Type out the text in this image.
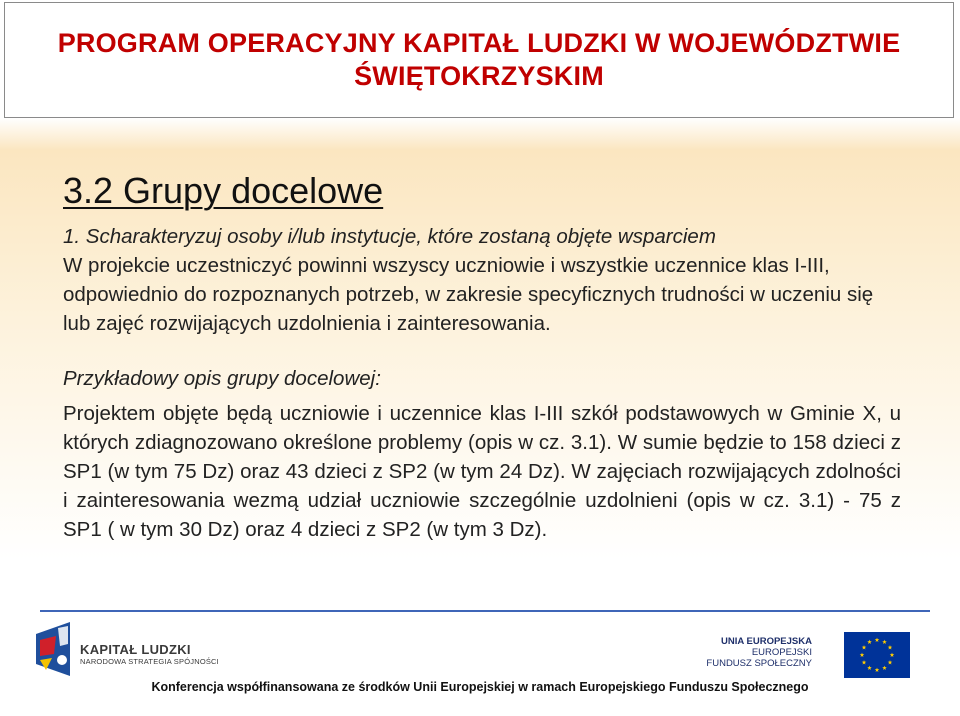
PROGRAM OPERACYJNY KAPITAŁ LUDZKI W WOJEWÓDZTWIE
ŚWIĘTOKRZYSKIM
3.2 Grupy docelowe

1. Scharakteryzuj osoby i/lub instytucje, które zostaną objęte wsparciem

W projekcie uczestniczyć powinni wszyscy uczniowie i wszystkie uczennice klas I-III, odpowiednio do rozpoznanych potrzeb, w zakresie specyficznych trudności w uczeniu się lub zajęć rozwijających uzdolnienia i zainteresowania.

Przykładowy opis grupy docelowej:

Projektem objęte będą uczniowie i uczennice klas I-III szkół podstawowych w Gminie X, u których zdiagnozowano określone problemy (opis w cz. 3.1). W sumie będzie to 158 dzieci z SP1 (w tym 75 Dz) oraz 43 dzieci z SP2 (w tym 24 Dz). W zajęciach rozwijających zdolności i zainteresowania wezmą udział uczniowie szczególnie uzdolnieni (opis w cz. 3.1) - 75 z SP1 ( w tym 30 Dz) oraz 4 dzieci z SP2 (w tym 3 Dz).

KAPITAŁ LUDZKI
NARODOWA STRATEGIA SPÓJNOŚCI
UNIA EUROPEJSKA
EUROPEJSKI
FUNDUSZ SPOŁECZNY
Konferencja współfinansowana ze środków Unii Europejskiej w ramach Europejskiego Funduszu Społecznego
